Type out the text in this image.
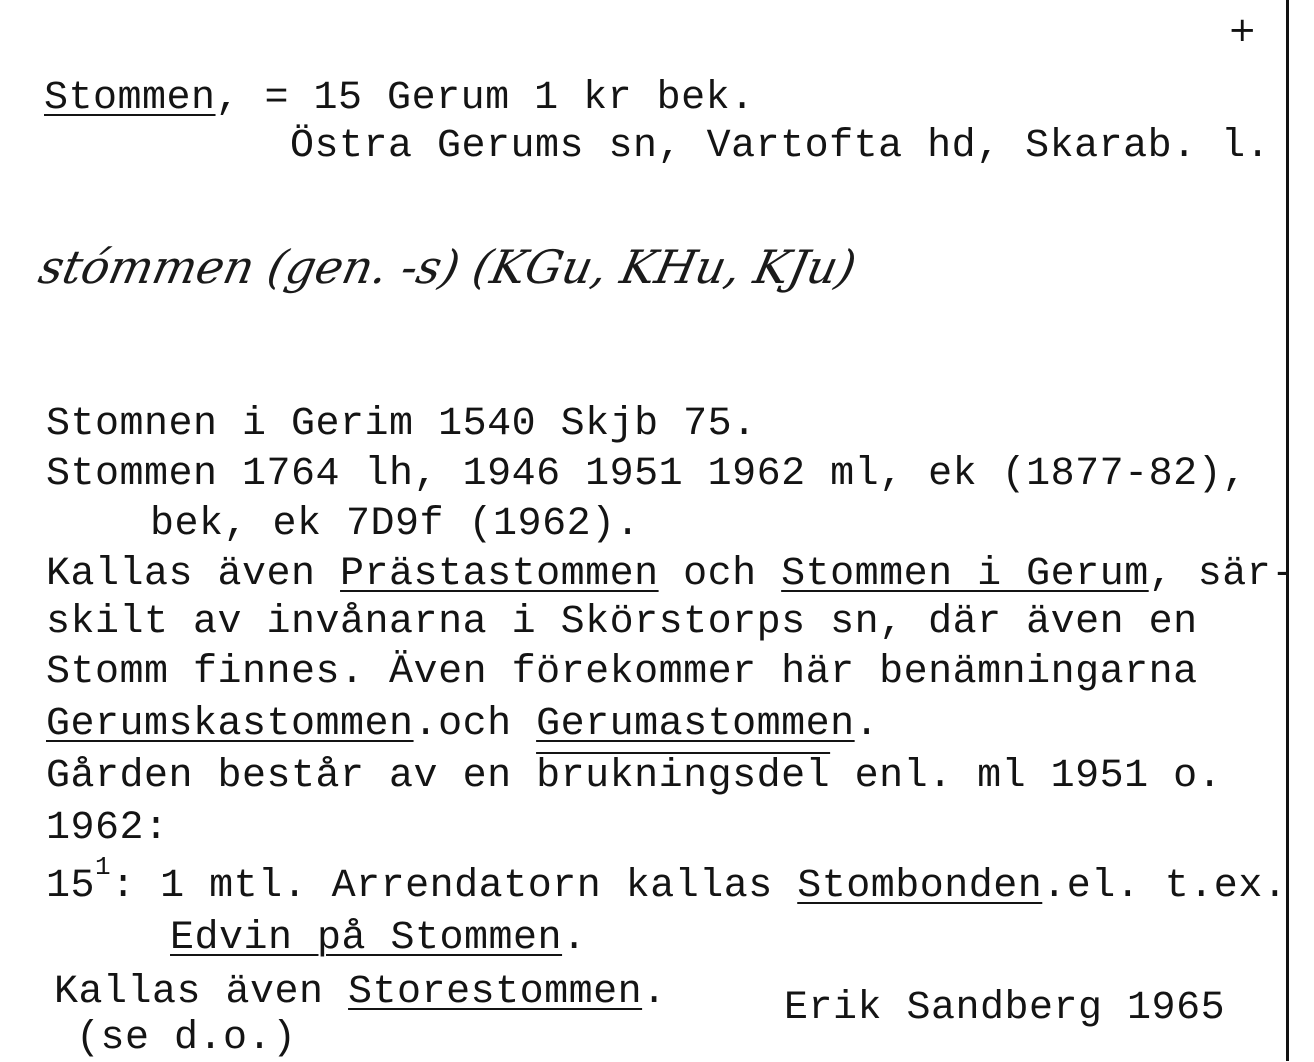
+
Stommen, = 15 Gerum 1 kr bek.
Östra Gerums sn, Vartofta hd, Skarab. l.
stómmen (gen. -s) (KGu, KHu, KJu)
Stomnen i Gerim 1540 Skjb 75.
Stommen 1764 lh, 1946 1951 1962 ml, ek (1877-82),
bek, ek 7D9f (1962).
Kallas även Prästastommen och Stommen i Gerum, sär-
skilt av invånarna i Skörstorps sn, där även en
Stomm finnes. Även förekommer här benämningarna
Gerumskastommen.och Gerumastommen.
Gården består av en brukningsdel enl. ml 1951 o.
1962:
$15^1$: 1 mtl. Arrendatorn kallas Stombonden.el. t.ex.
Edvin på Stommen.
Kallas även Storestommen.
(se d.o.)
Erik Sandberg 1965
